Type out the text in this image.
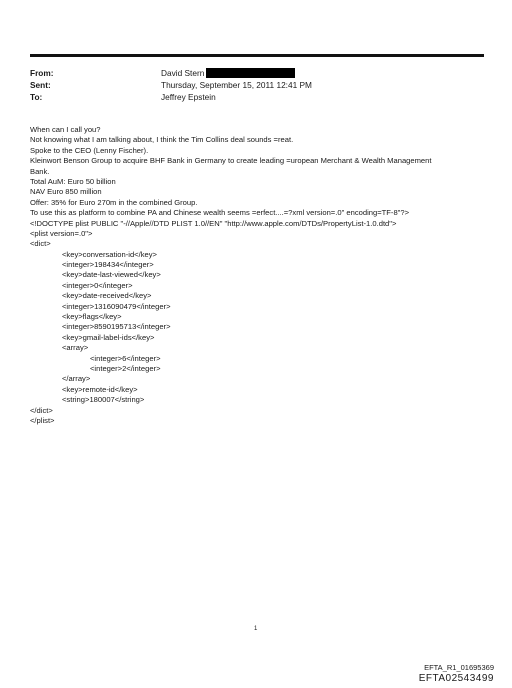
From:	David Stern
Sent:	Thursday, September 15, 2011 12:41 PM
To:	Jeffrey Epstein
When can I call you?
Not knowing what I am talking about, I think the Tim Collins deal sounds =reat.
Spoke to the CEO (Lenny Fischer).
Kleinwort Benson Group to acquire BHF Bank in Germany to create leading =uropean Merchant & Wealth Management
Bank.
Total AuM: Euro 50 billion
NAV Euro 850 million
Offer: 35% for Euro 270m in the combined Group.
To use this as platform to combine PA and Chinese wealth seems =erfect....=?xml version=.0" encoding=TF-8"?>
<!DOCTYPE plist PUBLIC "-//Apple//DTD PLIST 1.0//EN" "http://www.apple.com/DTDs/PropertyList-1.0.dtd">
<plist version=.0">
<dict>
<key>conversation-id</key>
<integer>198434</integer>
<key>date-last-viewed</key>
<integer>0</integer>
<key>date-received</key>
<integer>1316090479</integer>
<key>flags</key>
<integer>8590195713</integer>
<key>gmail-label-ids</key>
<array>
<integer>6</integer>
<integer>2</integer>
</array>
<key>remote-id</key>
<string>180007</string>
</dict>
</plist>
1
EFTA_R1_01695369
EFTA02543499
